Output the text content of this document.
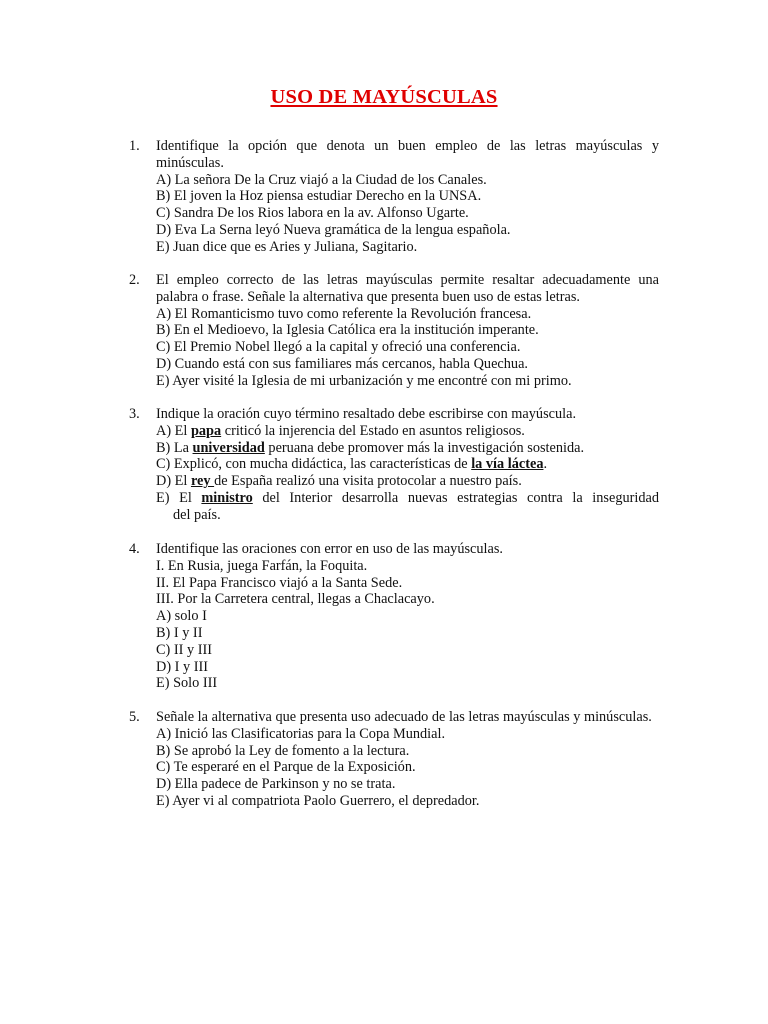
USO DE MAYÚSCULAS
1.	Identifique la opción que denota un buen empleo de las letras mayúsculas y minúsculas.
A) La señora De la Cruz viajó a la Ciudad de los Canales.
B) El joven la Hoz piensa estudiar Derecho en la UNSA.
C) Sandra De los Rios labora en la av. Alfonso Ugarte.
D) Eva La Serna leyó Nueva gramática de la lengua española.
E) Juan dice que es Aries y Juliana, Sagitario.
2.	El empleo correcto de las letras mayúsculas permite resaltar adecuadamente una palabra o frase. Señale la alternativa que presenta buen uso de estas letras.
A) El Romanticismo tuvo como referente la Revolución francesa.
B) En el Medioevo, la Iglesia Católica era la institución imperante.
C) El Premio Nobel llegó a la capital y ofreció una conferencia.
D) Cuando está con sus familiares más cercanos, habla Quechua.
E) Ayer visité la Iglesia de mi urbanización y me encontré con mi primo.
3.	Indique la oración cuyo término resaltado debe escribirse con mayúscula.
A) El papa criticó la injerencia del Estado en asuntos religiosos.
B) La universidad peruana debe promover más la investigación sostenida.
C) Explicó, con mucha didáctica, las características de la vía láctea.
D) El rey de España realizó una visita protocolar a nuestro país.
E) El ministro del Interior desarrolla nuevas estrategias contra la inseguridad
del país.
4.	Identifique las oraciones con error en uso de las mayúsculas.
I. En Rusia, juega Farfán, la Foquita.
II. El Papa Francisco viajó a la Santa Sede.
III. Por la Carretera central, llegas a Chaclacayo.
A) solo I
B) I y II
C) II y III
D) I y III
E) Solo III
5.	Señale la alternativa que presenta uso adecuado de las letras mayúsculas y minúsculas.
A) Inició las Clasificatorias para la Copa Mundial.
B) Se aprobó la Ley de fomento a la lectura.
C) Te esperaré en el Parque de la Exposición.
D) Ella padece de Parkinson y no se trata.
E) Ayer vi al compatriota Paolo Guerrero, el depredador.
